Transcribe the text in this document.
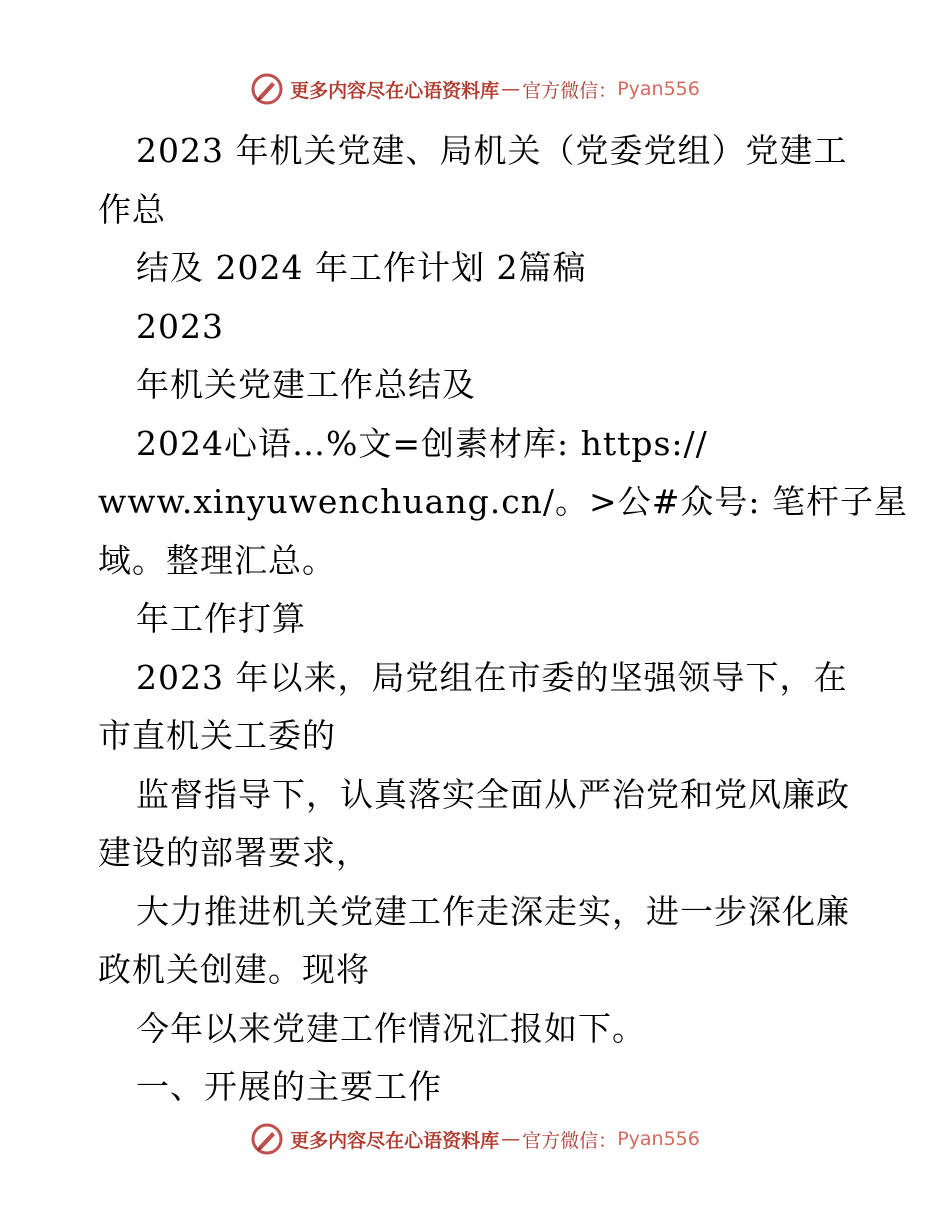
更多内容尽在心语资料库 — 官方微信： Pyan556
2023 年机关党建、局机关（党委党组）党建工
作总
结及 2024 年工作计划 2篇稿
2023
年机关党建工作总结及
2024心语…%文=创素材库: https://
www.xinyuwenchuang.cn/。>公#众号: 笔杆子星
域。整理汇总。
年工作打算
2023 年以来，局党组在市委的坚强领导下，在
市直机关工委的
监督指导下，认真落实全面从严治党和党风廉政
建设的部署要求，
大力推进机关党建工作走深走实，进一步深化廉
政机关创建。现将
今年以来党建工作情况汇报如下。
一、开展的主要工作
更多内容尽在心语资料库 — 官方微信： Pyan556
